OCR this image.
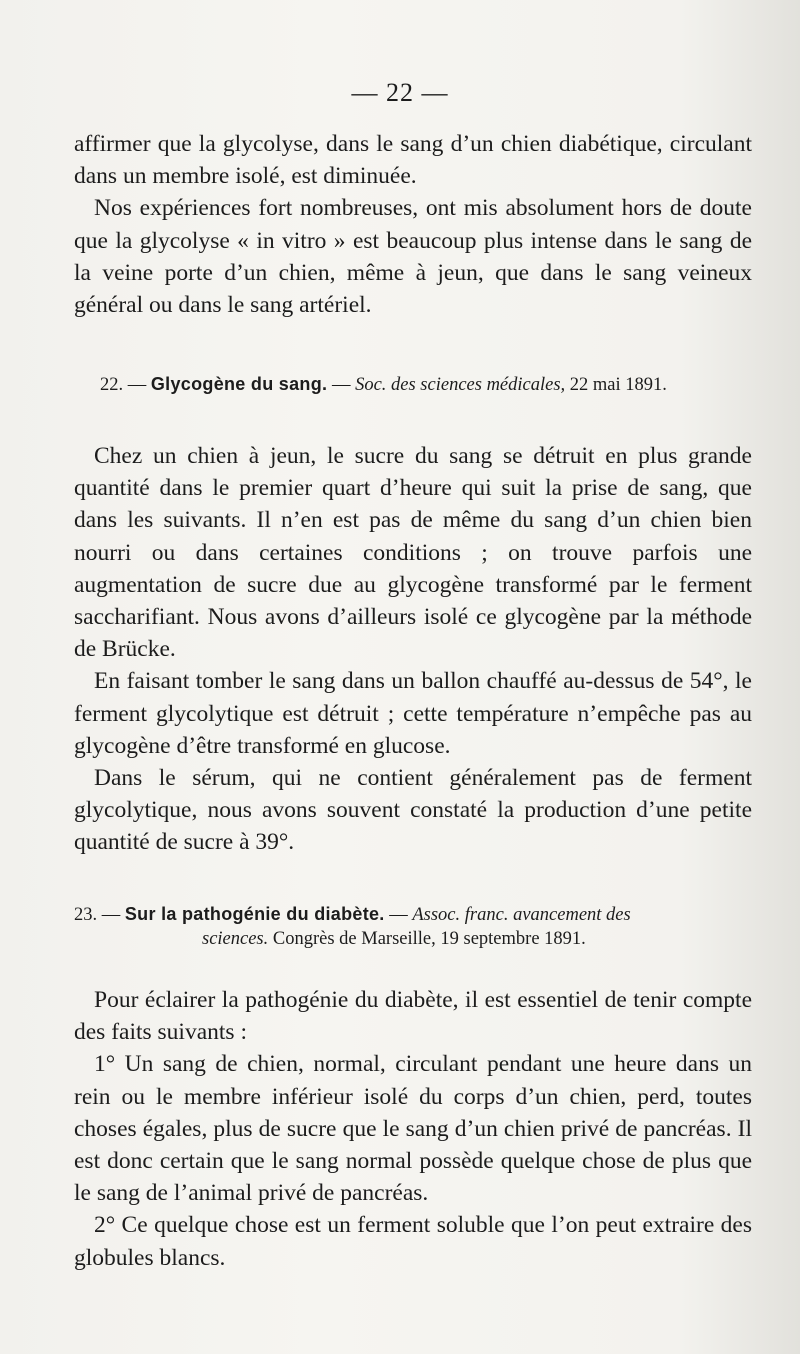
— 22 —

affirmer que la glycolyse, dans le sang d’un chien diabétique, circulant dans un membre isolé, est diminuée.

Nos expériences fort nombreuses, ont mis absolument hors de doute que la glycolyse « in vitro » est beaucoup plus intense dans le sang de la veine porte d’un chien, même à jeun, que dans le sang veineux général ou dans le sang artériel.

22. — Glycogène du sang. — Soc. des sciences médicales, 22 mai 1891.

Chez un chien à jeun, le sucre du sang se détruit en plus grande quantité dans le premier quart d’heure qui suit la prise de sang, que dans les suivants. Il n’en est pas de même du sang d’un chien bien nourri ou dans certaines conditions ; on trouve parfois une augmentation de sucre due au glycogène transformé par le ferment saccharifiant. Nous avons d’ailleurs isolé ce glycogène par la méthode de Brücke.

En faisant tomber le sang dans un ballon chauffé au-dessus de 54°, le ferment glycolytique est détruit ; cette température n’empêche pas au glycogène d’être transformé en glucose.

Dans le sérum, qui ne contient généralement pas de ferment glycolytique, nous avons souvent constaté la production d’une petite quantité de sucre à 39°.

23. — Sur la pathogénie du diabète. — Assoc. franc. avancement des
sciences. Congrès de Marseille, 19 septembre 1891.

Pour éclairer la pathogénie du diabète, il est essentiel de tenir compte des faits suivants :

1° Un sang de chien, normal, circulant pendant une heure dans un rein ou le membre inférieur isolé du corps d’un chien, perd, toutes choses égales, plus de sucre que le sang d’un chien privé de pancréas. Il est donc certain que le sang normal possède quelque chose de plus que le sang de l’animal privé de pancréas.

2° Ce quelque chose est un ferment soluble que l’on peut extraire des globules blancs.
